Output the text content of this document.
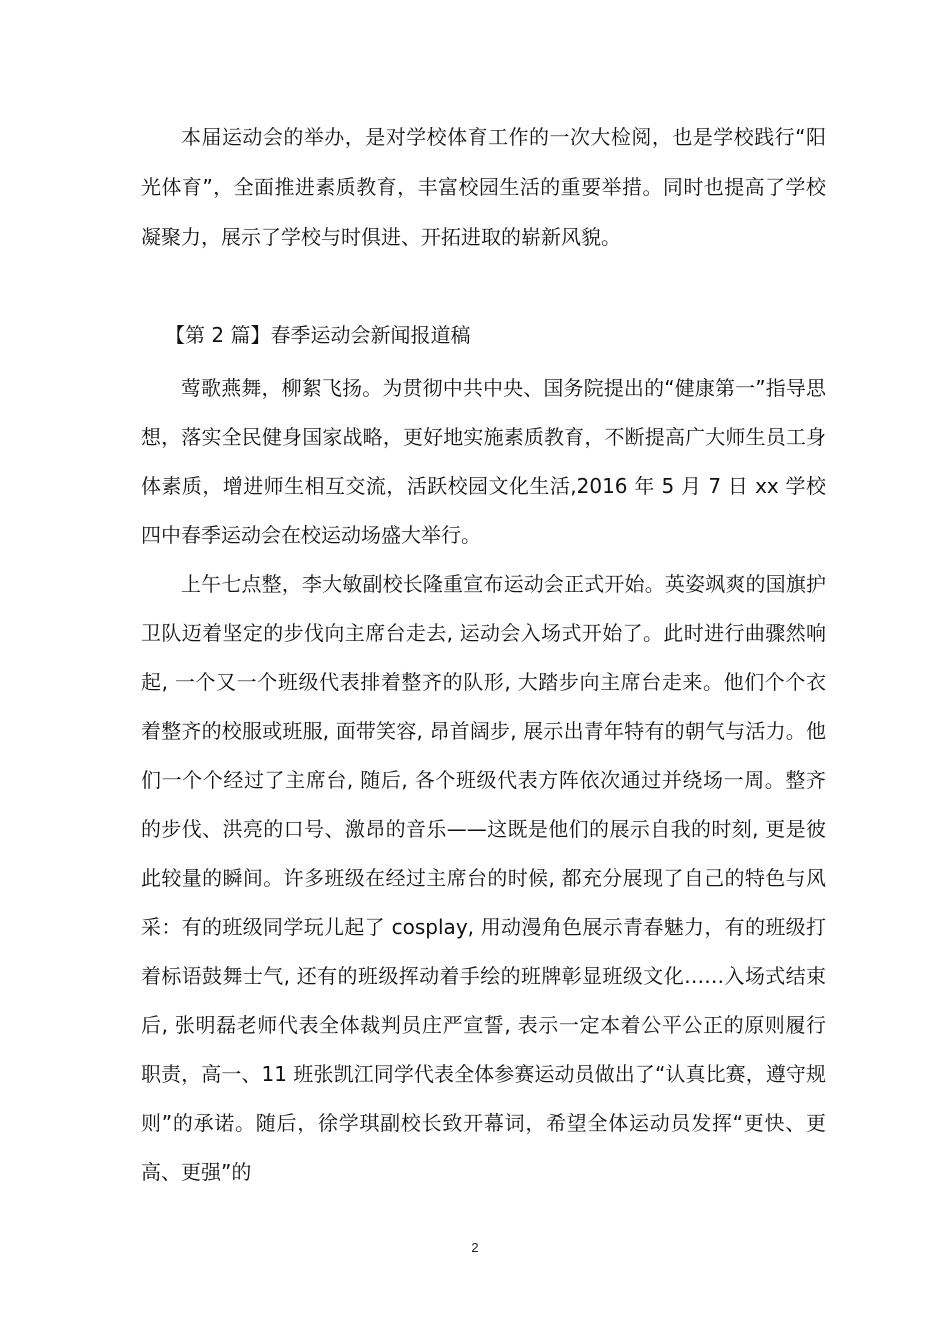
本届运动会的举办，是对学校体育工作的一次大检阅，也是学校践行“阳光体育”，全面推进素质教育，丰富校园生活的重要举措。同时也提高了学校凝聚力，展示了学校与时俱进、开拓进取的崭新风貌。

【第 2 篇】春季运动会新闻报道稿

莺歌燕舞，柳絮飞扬。为贯彻中共中央、国务院提出的“健康第一”指导思想，落实全民健身国家战略，更好地实施素质教育，不断提高广大师生员工身体素质，增进师生相互交流，活跃校园文化生活,2016 年 5 月 7 日 xx 学校四中春季运动会在校运动场盛大举行。

上午七点整，李大敏副校长隆重宣布运动会正式开始。英姿飒爽的国旗护卫队迈着坚定的步伐向主席台走去, 运动会入场式开始了。此时进行曲骤然响起, 一个又一个班级代表排着整齐的队形, 大踏步向主席台走来。他们个个衣着整齐的校服或班服, 面带笑容, 昂首阔步, 展示出青年特有的朝气与活力。他们一个个经过了主席台, 随后, 各个班级代表方阵依次通过并绕场一周。整齐的步伐、洪亮的口号、激昂的音乐——这既是他们的展示自我的时刻, 更是彼此较量的瞬间。许多班级在经过主席台的时候, 都充分展现了自己的特色与风采：有的班级同学玩儿起了 cosplay, 用动漫角色展示青春魅力，有的班级打着标语鼓舞士气, 还有的班级挥动着手绘的班牌彰显班级文化……入场式结束后, 张明磊老师代表全体裁判员庄严宣誓, 表示一定本着公平公正的原则履行职责，高一、11 班张凯江同学代表全体参赛运动员做出了“认真比赛，遵守规则”的承诺。随后，徐学琪副校长致开幕词，希望全体运动员发挥“更快、更高、更强”的

2
